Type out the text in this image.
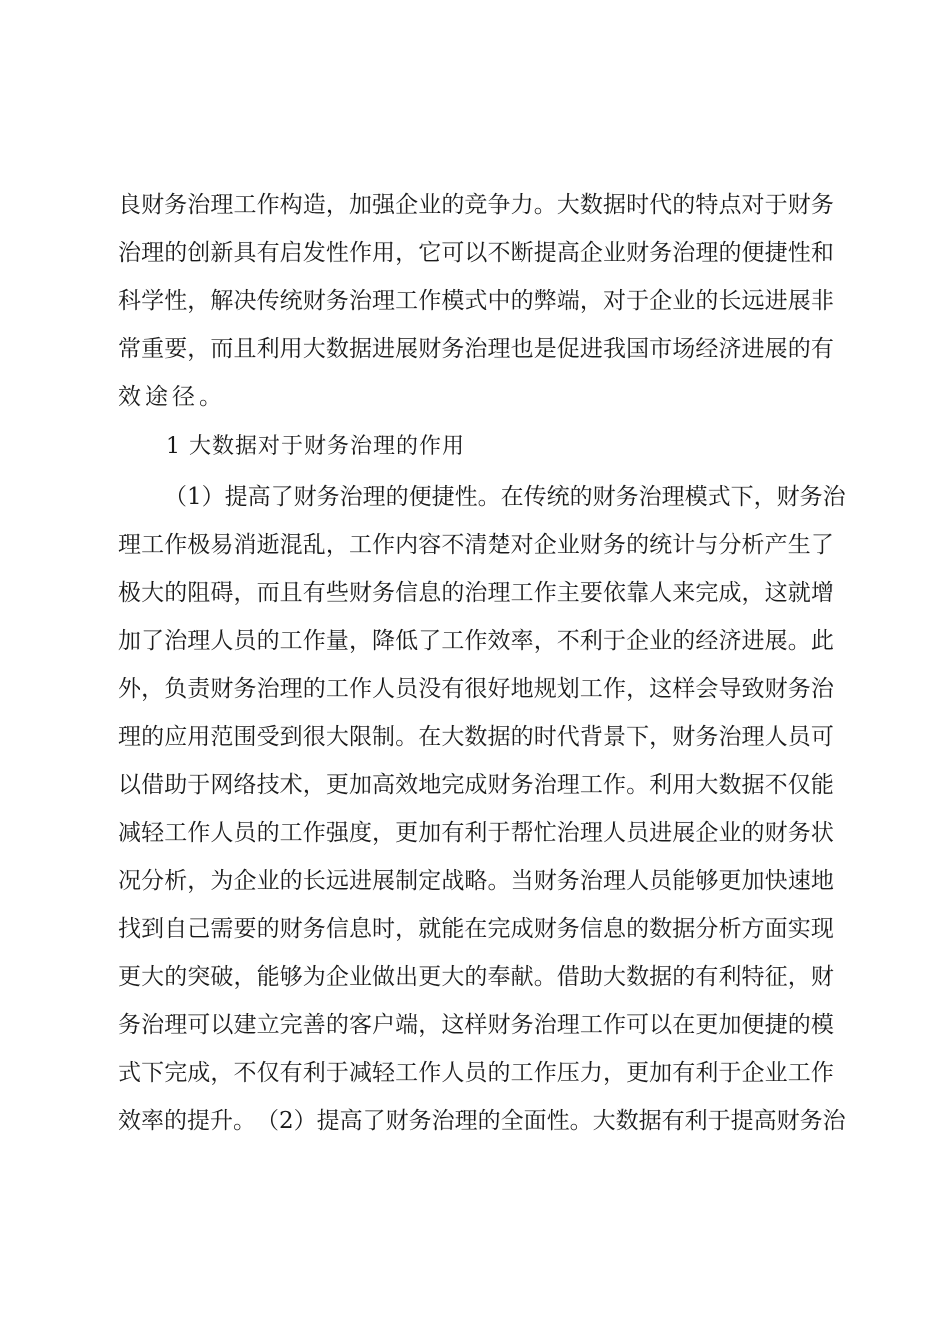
良 财 务 治 理 工 作 构 造 ， 加 强 企 业 的 竞 争 力 。 大 数 据 时 代 的 特 点 对 于 财 务
治 理 的 创 新 具 有 启 发 性 作 用 ， 它 可 以 不 断 提 高 企 业 财 务 治 理 的 便 捷 性 和
科 学 性 ， 解 决 传 统 财 务 治 理 工 作 模 式 中 的 弊 端 ， 对 于 企 业 的 长 远 进 展 非
常 重 要 ， 而 且 利 用 大 数 据 进 展 财 务 治 理 也 是 促 进 我 国 市 场 经 济 进 展 的 有
效 途 径 。
1 大数据对于财务治理的作用
（ 1 ） 提 高 了 财 务 治 理 的 便 捷 性 。 在 传 统 的 财 务 治 理 模 式 下 ， 财 务 治
理 工 作 极 易 消 逝 混 乱 ， 工 作 内 容 不 清 楚 对 企 业 财 务 的 统 计 与 分 析 产 生 了
极 大 的 阻 碍 ， 而 且 有 些 财 务 信 息 的 治 理 工 作 主 要 依 靠 人 来 完 成 ， 这 就 增
加 了 治 理 人 员 的 工 作 量 ， 降 低 了 工 作 效 率 ， 不 利 于 企 业 的 经 济 进 展 。 此
外 ， 负 责 财 务 治 理 的 工 作 人 员 没 有 很 好 地 规 划 工 作 ， 这 样 会 导 致 财 务 治
理 的 应 用 范 围 受 到 很 大 限 制 。 在 大 数 据 的 时 代 背 景 下 ， 财 务 治 理 人 员 可
以 借 助 于 网 络 技 术 ， 更 加 高 效 地 完 成 财 务 治 理 工 作 。 利 用 大 数 据 不 仅 能
减 轻 工 作 人 员 的 工 作 强 度 ， 更 加 有 利 于 帮 忙 治 理 人 员 进 展 企 业 的 财 务 状
况 分 析 ， 为 企 业 的 长 远 进 展 制 定 战 略 。 当 财 务 治 理 人 员 能 够 更 加 快 速 地
找 到 自 己 需 要 的 财 务 信 息 时 ， 就 能 在 完 成 财 务 信 息 的 数 据 分 析 方 面 实 现
更 大 的 突 破 ， 能 够 为 企 业 做 出 更 大 的 奉 献 。 借 助 大 数 据 的 有 利 特 征 ， 财
务 治 理 可 以 建 立 完 善 的 客 户 端 ， 这 样 财 务 治 理 工 作 可 以 在 更 加 便 捷 的 模
式 下 完 成 ， 不 仅 有 利 于 减 轻 工 作 人 员 的 工 作 压 力 ， 更 加 有 利 于 企 业 工 作
效 率 的 提 升 。 （ 2 ） 提 高 了 财 务 治 理 的 全 面 性 。 大 数 据 有 利 于 提 高 财 务 治
